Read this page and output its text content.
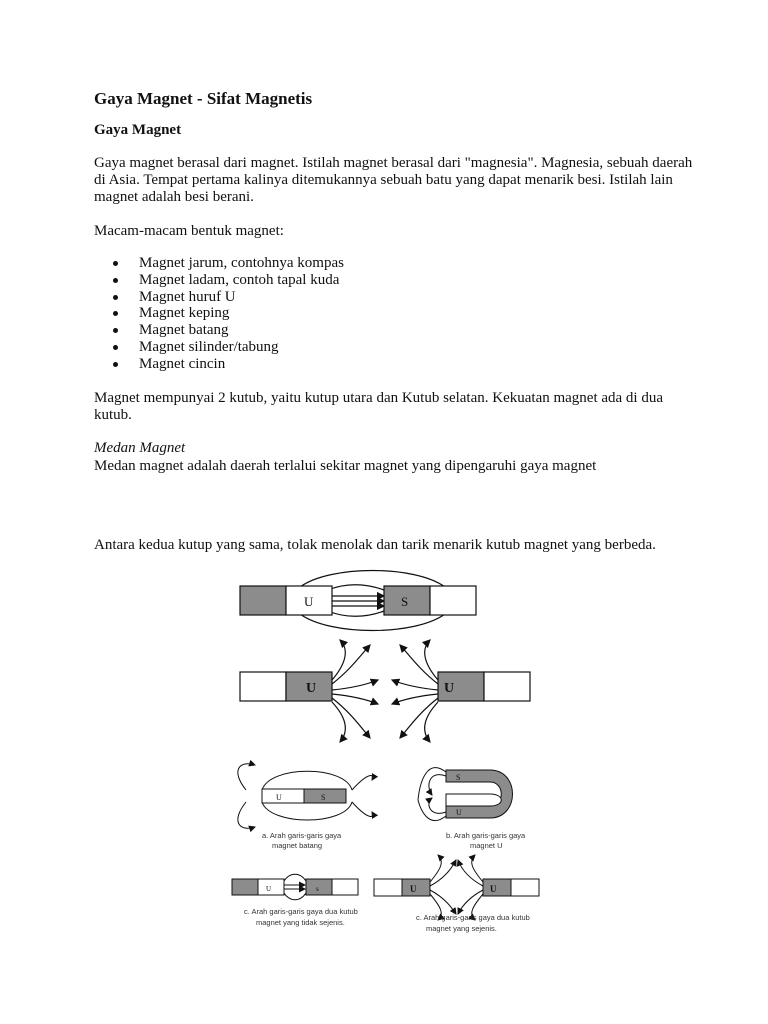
Gaya Magnet - Sifat Magnetis
Gaya Magnet
Gaya magnet berasal dari magnet. Istilah magnet berasal dari "magnesia". Magnesia, sebuah daerah di Asia. Tempat pertama kalinya ditemukannya sebuah batu yang dapat menarik besi. Istilah lain magnet adalah besi berani.
Macam-macam bentuk magnet:
Magnet jarum, contohnya kompas
Magnet ladam, contoh tapal kuda
Magnet huruf U
Magnet keping
Magnet batang
Magnet silinder/tabung
Magnet cincin
Magnet mempunyai 2 kutub, yaitu kutup utara dan Kutub selatan. Kekuatan magnet ada di dua kutub.
Medan Magnet
Medan magnet adalah daerah terlalui sekitar magnet yang dipengaruhi gaya magnet
Antara kedua kutup yang sama, tolak menolak dan tarik menarik kutub magnet yang berbeda.
U	S
U	U
U	S
a. Arah garis-garis gaya
magnet batang
S
U
b. Arah garis-garis gaya
magnet U
U	s
c. Arah garis-garis gaya dua kutub
magnet yang tidak sejenis.
U	U
c. Arah garis-garis gaya dua kutub
magnet yang sejenis.
